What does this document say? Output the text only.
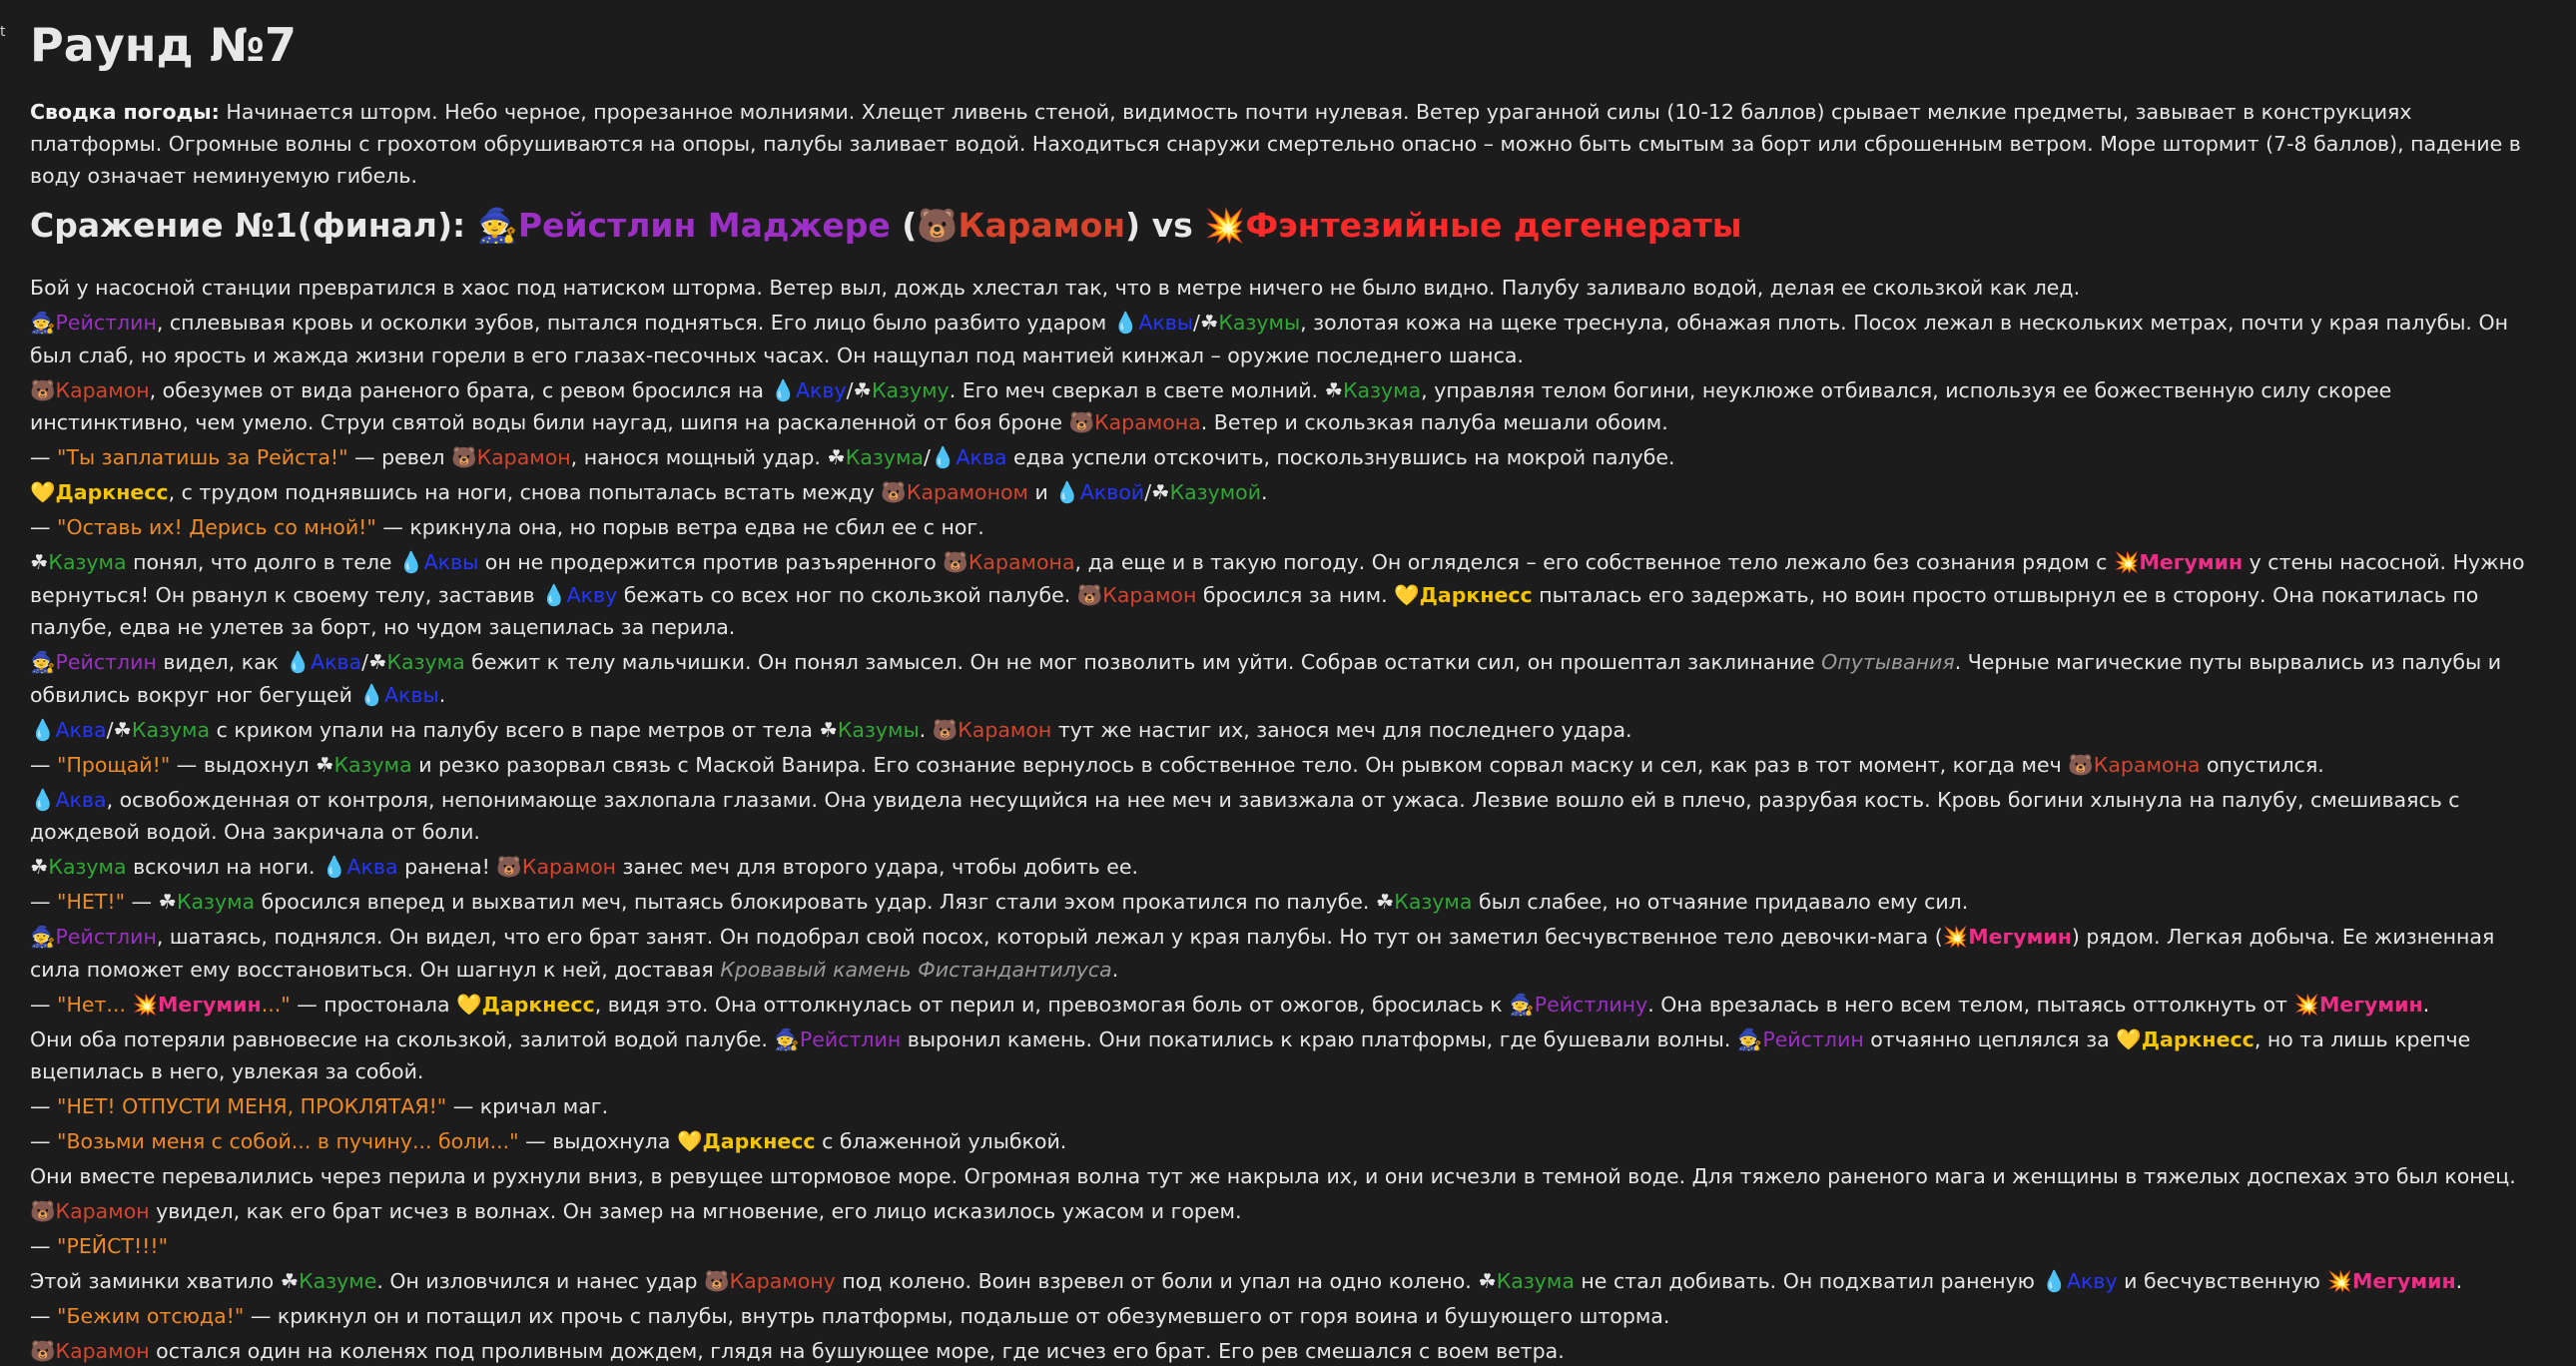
t Раунд №7

Сводка погоды: Начинается шторм. Небо черное, прорезанное молниями. Хлещет ливень стеной, видимость почти нулевая. Ветер ураганной силы (10-12 баллов) срывает мелкие предметы, завывает в конструкциях платформы. Огромные волны с грохотом обрушиваются на опоры, палубы заливает водой. Находиться снаружи смертельно опасно – можно быть смытым за борт или сброшенным ветром. Море штормит (7-8 баллов), падение в воду означает неминуемую гибель.

Сражение №1(финал): 🧙Рейстлин Маджере (🐻Карамон) vs 💥Фэнтезийные дегенераты

Бой у насосной станции превратился в хаос под натиском шторма. Ветер выл, дождь хлестал так, что в метре ничего не было видно. Палубу заливало водой, делая ее скользкой как лед.

🧙Рейстлин, сплевывая кровь и осколки зубов, пытался подняться. Его лицо было разбито ударом 💧Аквы/☘Казумы, золотая кожа на щеке треснула, обнажая плоть. Посох лежал в нескольких метрах, почти у края палубы. Он был слаб, но ярость и жажда жизни горели в его глазах-песочных часах. Он нащупал под мантией кинжал – оружие последнего шанса.

🐻Карамон, обезумев от вида раненого брата, с ревом бросился на 💧Акву/☘Казуму. Его меч сверкал в свете молний. ☘Казума, управляя телом богини, неуклюже отбивался, используя ее божественную силу скорее инстинктивно, чем умело. Струи святой воды били наугад, шипя на раскаленной от боя броне 🐻Карамона. Ветер и скользкая палуба мешали обоим.

— "Ты заплатишь за Рейста!" — ревел 🐻Карамон, нанося мощный удар. ☘Казума/💧Аква едва успели отскочить, поскользнувшись на мокрой палубе.

💛Даркнесс, с трудом поднявшись на ноги, снова попыталась встать между 🐻Карамоном и 💧Аквой/☘Казумой.

— "Оставь их! Дерись со мной!" — крикнула она, но порыв ветра едва не сбил ее с ног.

☘Казума понял, что долго в теле 💧Аквы он не продержится против разъяренного 🐻Карамона, да еще и в такую погоду. Он огляделся – его собственное тело лежало без сознания рядом с 💥Мегумин у стены насосной. Нужно вернуться! Он рванул к своему телу, заставив 💧Акву бежать со всех ног по скользкой палубе. 🐻Карамон бросился за ним. 💛Даркнесс пыталась его задержать, но воин просто отшвырнул ее в сторону. Она покатилась по палубе, едва не улетев за борт, но чудом зацепилась за перила.

🧙Рейстлин видел, как 💧Аква/☘Казума бежит к телу мальчишки. Он понял замысел. Он не мог позволить им уйти. Собрав остатки сил, он прошептал заклинание Опутывания. Черные магические путы вырвались из палубы и обвились вокруг ног бегущей 💧Аквы.

💧Аква/☘Казума с криком упали на палубу всего в паре метров от тела ☘Казумы. 🐻Карамон тут же настиг их, занося меч для последнего удара.

— "Прощай!" — выдохнул ☘Казума и резко разорвал связь с Маской Ванира. Его сознание вернулось в собственное тело. Он рывком сорвал маску и сел, как раз в тот момент, когда меч 🐻Карамона опустился.

💧Аква, освобожденная от контроля, непонимающе захлопала глазами. Она увидела несущийся на нее меч и завизжала от ужаса. Лезвие вошло ей в плечо, разрубая кость. Кровь богини хлынула на палубу, смешиваясь с дождевой водой. Она закричала от боли.

☘Казума вскочил на ноги. 💧Аква ранена! 🐻Карамон занес меч для второго удара, чтобы добить ее.

— "НЕТ!" — ☘Казума бросился вперед и выхватил меч, пытаясь блокировать удар. Лязг стали эхом прокатился по палубе. ☘Казума был слабее, но отчаяние придавало ему сил.

🧙Рейстлин, шатаясь, поднялся. Он видел, что его брат занят. Он подобрал свой посох, который лежал у края палубы. Но тут он заметил бесчувственное тело девочки-мага (💥Мегумин) рядом. Легкая добыча. Ее жизненная сила поможет ему восстановиться. Он шагнул к ней, доставая Кровавый камень Фистандантилуса.

— "Нет... 💥Мегумин..." — простонала 💛Даркнесс, видя это. Она оттолкнулась от перил и, превозмогая боль от ожогов, бросилась к 🧙Рейстлину. Она врезалась в него всем телом, пытаясь оттолкнуть от 💥Мегумин.

Они оба потеряли равновесие на скользкой, залитой водой палубе. 🧙Рейстлин выронил камень. Они покатились к краю платформы, где бушевали волны. 🧙Рейстлин отчаянно цеплялся за 💛Даркнесс, но та лишь крепче вцепилась в него, увлекая за собой.

— "НЕТ! ОТПУСТИ МЕНЯ, ПРОКЛЯТАЯ!" — кричал маг.

— "Возьми меня с собой... в пучину... боли..." — выдохнула 💛Даркнесс с блаженной улыбкой.

Они вместе перевалились через перила и рухнули вниз, в ревущее штормовое море. Огромная волна тут же накрыла их, и они исчезли в темной воде. Для тяжело раненого мага и женщины в тяжелых доспехах это был конец.

🐻Карамон увидел, как его брат исчез в волнах. Он замер на мгновение, его лицо исказилось ужасом и горем.

— "РЕЙСТ!!!"

Этой заминки хватило ☘Казуме. Он изловчился и нанес удар 🐻Карамону под колено. Воин взревел от боли и упал на одно колено. ☘Казума не стал добивать. Он подхватил раненую 💧Акву и бесчувственную 💥Мегумин.

— "Бежим отсюда!" — крикнул он и потащил их прочь с палубы, внутрь платформы, подальше от обезумевшего от горя воина и бушующего шторма.

🐻Карамон остался один на коленях под проливным дождем, глядя на бушующее море, где исчез его брат. Его рев смешался с воем ветра.
